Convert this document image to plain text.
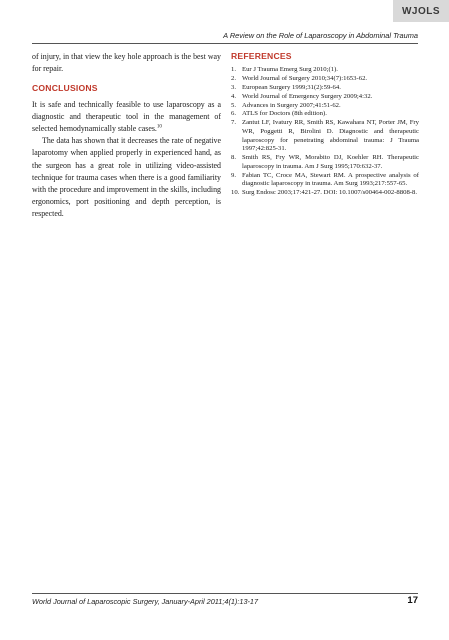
WJOLS
A Review on the Role of Laparoscopy in Abdominal Trauma

of injury, in that view the key hole approach is the best way for repair.

CONCLUSIONS

It is safe and technically feasible to use laparoscopy as a diagnostic and therapeutic tool in the management of selected hemodynamically stable cases.$^{10}$

The data has shown that it decreases the rate of negative laparotomy when applied properly in experienced hand, as the surgeon has a great role in utilizing video-assisted technique for trauma cases when there is a good familiarity with the procedure and improvement in the skills, including ergonomics, port positioning and depth perception, is respected.

REFERENCES
1. Eur J Trauma Emerg Surg 2010;(1).
2. World Journal of Surgery 2010;34(7):1653-62.
3. European Surgery 1999;31(2):59-64.
4. World Journal of Emergency Surgery 2009;4:32.
5. Advances in Surgery 2007;41:51-62.
6. ATLS for Doctors (8th edition).
7. Zantut LF, Ivatury RR, Smith RS, Kawahara NT, Porter JM, Fry WR, Poggetti R, Birolini D. Diagnostic and therapeutic laparoscopy for penetrating abdominal trauma: J Trauma 1997;42:825-31.
8. Smith RS, Fry WR, Morabito DJ, Koehler RH. Therapeutic laparoscopy in trauma. Am J Surg 1995;170:632-37.
9. Fabian TC, Croce MA, Stewart RM. A prospective analysis of diagnostic laparoscopy in trauma. Am Surg 1993;217:557-65.
10. Surg Endosc 2003;17:421-27. DOI: 10.1007/s00464-002-8808-8.
World Journal of Laparoscopic Surgery, January-April 2011;4(1):13-17	17
